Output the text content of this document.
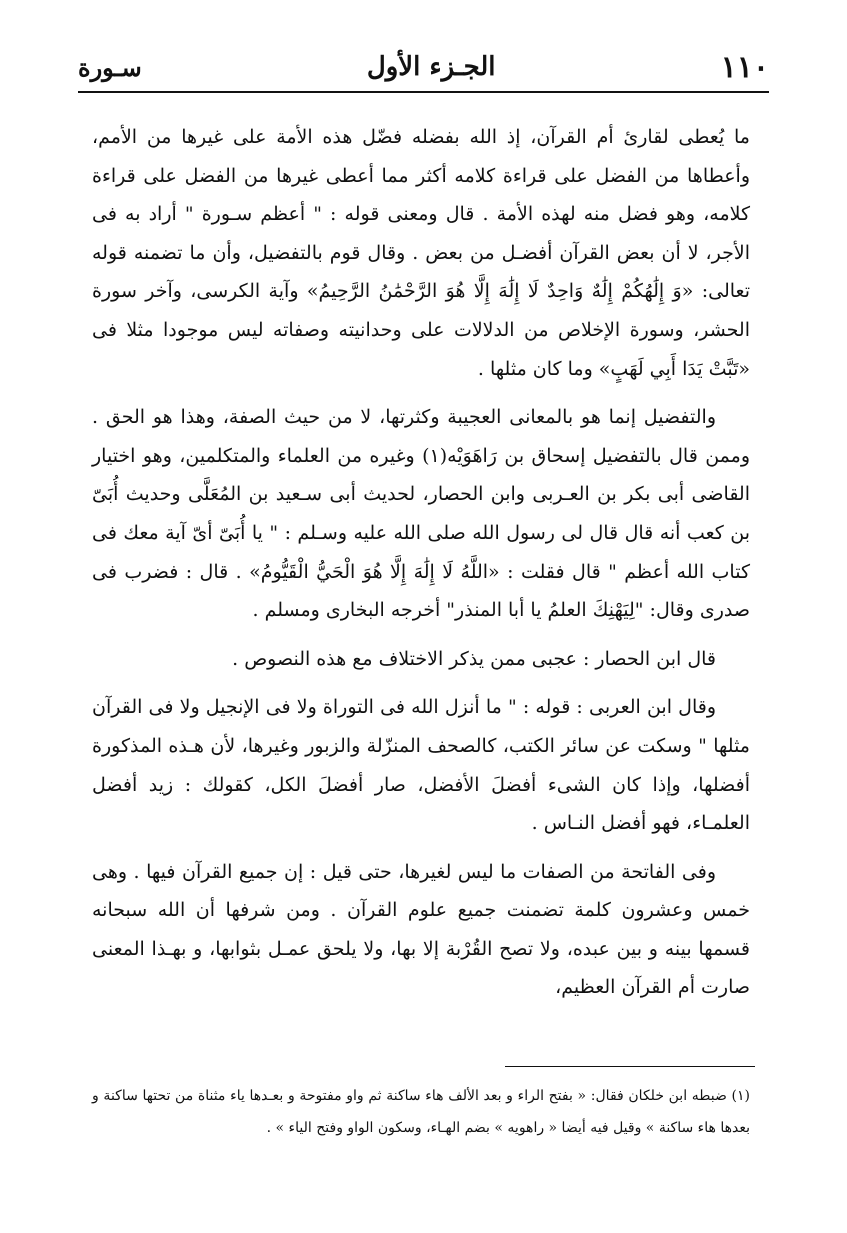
١١٠
الجـزء الأول
سـورة

ما يُعطى لقارئ أم القرآن، إذ الله بفضله فضّل هذه الأمة على غيرها من الأمم، وأعطاها من الفضل على قراءة كلامه أكثر مما أعطى غيرها من الفضل على قراءة كلامه، وهو فضل منه لهذه الأمة . قال ومعنى قوله : " أعظم سـورة " أراد به فى الأجر، لا أن بعض القرآن أفضـل من بعض . وقال قوم بالتفضيل، وأن ما تضمنه قوله تعالى: «وَ إِلَٰهُكُمْ إِلَٰهٌ وَاحِدٌ لَا إِلَٰهَ إِلَّا هُوَ الرَّحْمَٰنُ الرَّحِيمُ» وآية الكرسى، وآخر سورة الحشر، وسورة الإخلاص من الدلالات على وحدانيته وصفاته ليس موجودا مثلا فى «تَبَّتْ يَدَا أَبِي لَهَبٍ» وما كان مثلها .

والتفضيل إنما هو بالمعانى العجيبة وكثرتها، لا من حيث الصفة، وهذا هو الحق . وممن قال بالتفضيل إسحاق بن رَاهَوَيْه(١) وغيره من العلماء والمتكلمين، وهو اختيار القاضى أبى بكر بن العـربى وابن الحصار، لحديث أبى سـعيد بن المُعَلَّى وحديث أُبَىّ بن كعب أنه قال قال لى رسول الله صلى الله عليه وسـلم : " يا أُبَىّ أىّ آية معك فى كتاب الله أعظم " قال فقلت : «اللَّهُ لَا إِلَٰهَ إِلَّا هُوَ الْحَيُّ الْقَيُّومُ» . قال : فضرب فى صدرى وقال: "لِيَهْنِكَ العلمُ يا أبا المنذر" أخرجه البخارى ومسلم .

قال ابن الحصار : عجبى ممن يذكر الاختلاف مع هذه النصوص .

وقال ابن العربى : قوله : " ما أنزل الله فى التوراة ولا فى الإنجيل ولا فى القرآن مثلها " وسكت عن سائر الكتب، كالصحف المنزّلة والزبور وغيرها، لأن هـذه المذكورة أفضلها، وإذا كان الشىء أفضلَ الأفضل، صار أفضلَ الكل، كقولك : زيد أفضل العلمـاء، فهو أفضل النـاس .

وفى الفاتحة من الصفات ما ليس لغيرها، حتى قيل : إن جميع القرآن فيها . وهى خمس وعشرون كلمة تضمنت جميع علوم القرآن . ومن شرفها أن الله سبحانه قسمها بينه و بين عبده، ولا تصح القُرْبة إلا بها، ولا يلحق عمـل بثوابها، و بهـذا المعنى صارت أم القرآن العظيم،

(١) ضبطه ابن خلكان فقال: « بفتح الراء و بعد الألف هاء ساكنة ثم واو مفتوحة و بعـدها ياء مثناة من تحتها ساكنة و بعدها هاء ساكنة » وقيل فيه أيضا « راهويه » بضم الهـاء، وسكون الواو وفتح الياء » .
